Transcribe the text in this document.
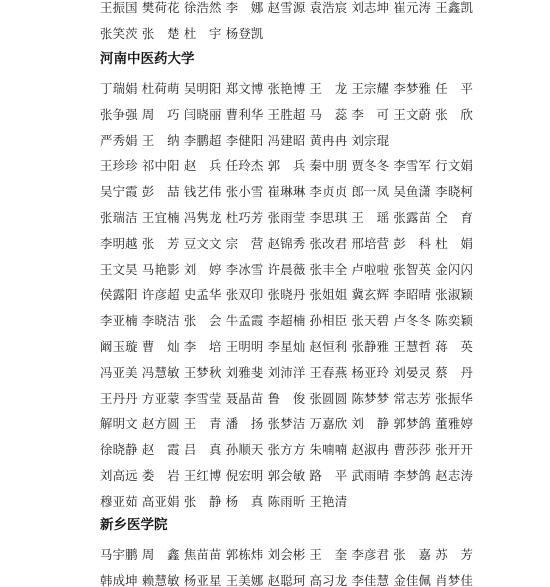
王振国 樊荷花 徐浩然 李　娜 赵雪源 袁浩宸 刘志坤 崔元涛 王鑫凯
张笑茨 张　楚 杜　宇 杨登凯
河南中医药大学
丁瑞娟 杜荷萌 吴明阳 郑文博 张艳博 王　龙 王宗耀 李梦雅 任　平
张争强 周　巧 闫晓丽 曹利华 王胜超 马　蕊 李　可 王文蔚 张　欣
严秀娟 王　纳 李鹏超 李健阳 冯建昭 黄冉冉 刘宗琨
王珍珍 祁中阳 赵　兵 任玲杰 郭　兵 秦中朋 贾冬冬 李雪军 行文娟
吴宁霞 彭　喆 钱艺伟 张小雪 崔琳琳 李贞贞 郎一凤 吴鱼潇 李晓柯
张瑞洁 王宜楠 冯隽龙 杜巧芳 张雨莹 李思琪 王　瑶 张露苗 仝　育
李明越 张　芳 豆文文 宗　营 赵锦秀 张改君 邢培营 彭　科 杜　娟
王文昊 马艳影 刘　婷 李冰雪 许晨薇 张丰全 卢啦啦 张智英 金闪闪
侯露阳 许彦超 史孟华 张双印 张晓丹 张姐姐 冀玄辉 李昭晴 张淑颖
李亚楠 李晓洁 张　会 牛孟霞 李超楠 孙相臣 张天碧 卢冬冬 陈奕颖
阚玉璇 曹　灿 李　培 王明明 李星灿 赵恒利 张静雅 王慧哲 蒋　英
冯亚美 冯慧敏 王梦秋 刘雅斐 刘沛洋 王春燕 杨亚玲 刘晏灵 蔡　丹
王丹丹 方亚蒙 李雪莹 聂晶苗 鲁　俊 张圆圆 陈梦梦 常志芳 张振华
解明文 赵方圆 王　青 潘　扬 张梦洁 万嘉欣 刘　静 郭梦鸽 董雅婷
徐晓静 赵　霞 吕　真 孙顺天 张方方 朱喃喃 赵淑冉 曹莎莎 张开开
刘高远 娄　岩 王红博 倪宏明 郭会敏 路　平 武雨晴 李梦鸽 赵志涛
穆亚茹 高亚娟 张　静 杨　真 陈雨昕 王艳清
新乡医学院
马宇鹏 周　鑫 焦苗苗 郭栋炜 刘会彬 王　奎 李彦君 张　嘉 苏　芳
韩成坤 赖慧敏 杨亚星 王美娜 赵聪珂 高习龙 李佳慧 金佳佩 肖梦佳
